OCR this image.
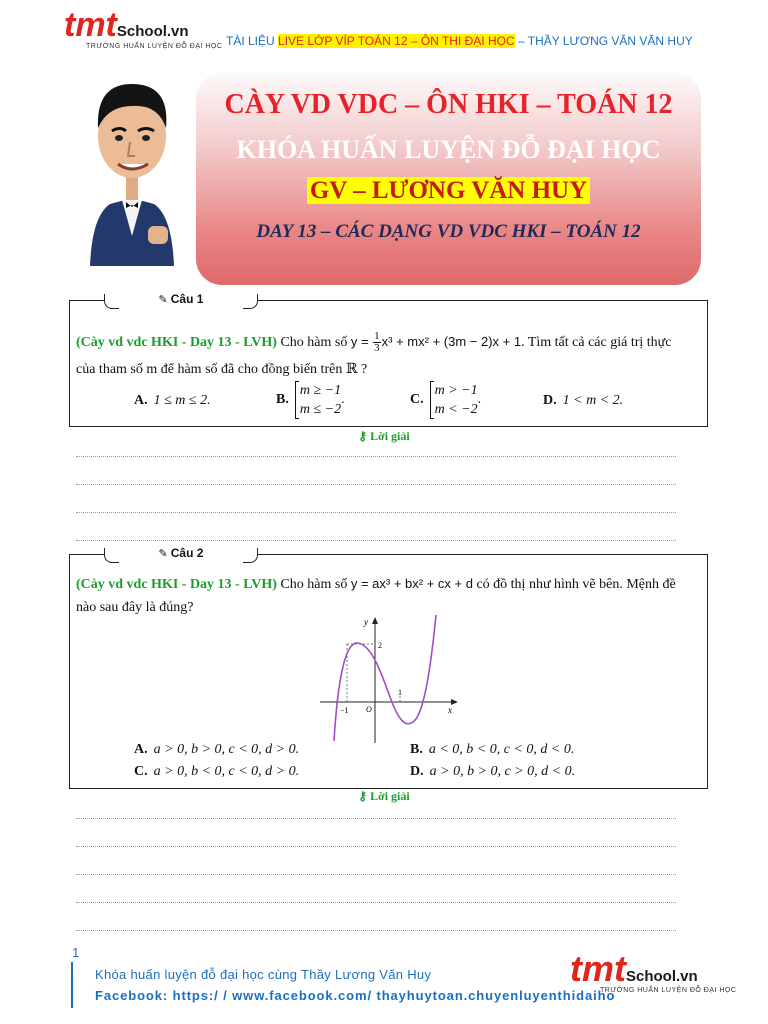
tmtSchool.vn
TRƯỜNG HUẤN LUYỆN ĐỖ ĐẠI HỌC TÀI LIỆU LIVE LỚP VÍP TOÁN 12 – ÔN THI ĐẠI HỌC – THẦY LƯƠNG VĂN VĂN HUY
CÀY VD VDC – ÔN HKI – TOÁN 12
KHÓA HUẤN LUYỆN ĐỖ ĐẠI HỌC
GV – LƯƠNG VĂN HUY
DAY 13 – CÁC DẠNG VD VDC HKI – TOÁN 12
✎ Câu 1
(Cày vd vdc HKI - Day 13 - LVH) Cho hàm số $y = \frac{1}{3} x^3 + mx^2 + (3m - 2)x + 1$. Tìm tất cả các giá trị thực
của tham số m để hàm số đã cho đồng biến trên ℝ ?
A. 1 ≤ m ≤ 2.	B.m ≥ −1
m ≤ −2.	C.m > −1
m < −2.	D. 1 < m < 2.
⚷ Lời giải
✎ Câu 2
(Cày vd vdc HKI - Day 13 - LVH) Cho hàm số y = ax³ + bx² + cx + d có đồ thị như hình vẽ bên. Mệnh đề
nào sau đây là đúng?
y
x
O
2
−1
1
A. a > 0, b > 0, c < 0, d > 0.	B. a < 0, b < 0, c < 0, d < 0.
C. a > 0, b < 0, c < 0, d > 0.	D. a > 0, b > 0, c > 0, d < 0.
⚷ Lời giải
1
Khóa huấn luyện đỗ đại học cùng Thầy Lương Văn Huy
Facebook: https:/ / www.facebook.com/ thayhuytoan.chuyenluyenthidaiho
tmtSchool.vn
TRƯỜNG HUẤN LUYỆN ĐỖ ĐẠI HỌC
